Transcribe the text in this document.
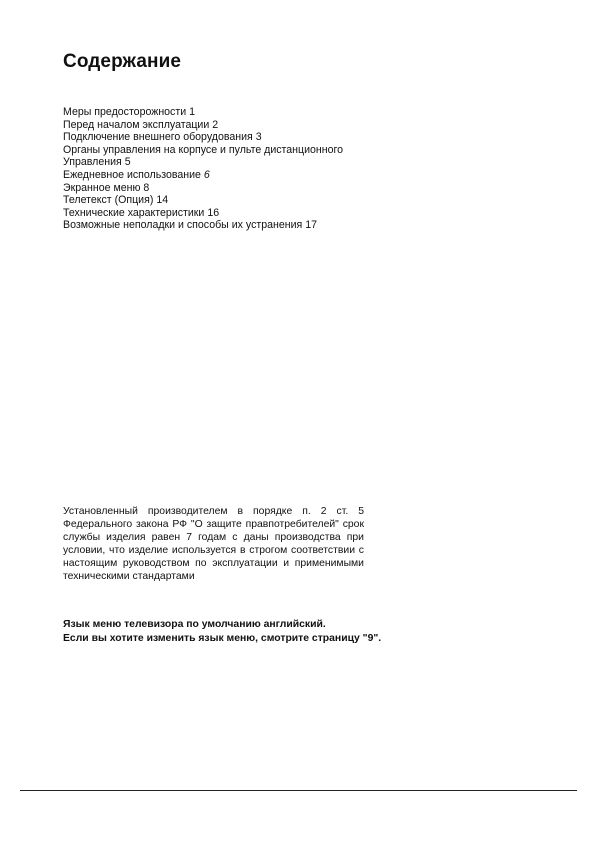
Содержание
Меры предосторожности 1
Перед началом эксплуатации 2
Подключение внешнего оборудования 3
Органы управления на корпусе и пульте дистанционного
Управления 5
Ежедневное использование 6
Экранное меню 8
Телетекст (Опция) 14
Технические характеристики 16
Возможные неполадки и способы их устранения 17

Установленный производителем в порядке п. 2 ст. 5 Федерального закона РФ "О защите правпотребителей" срок службы изделия равен 7 годам с даны производства при условии, что изделие используется в строгом соответствии с настоящим руководством по эксплуатации и применимыми техническими стандартами

Язык меню телевизора по умолчанию английский.
Если вы хотите изменить язык меню, смотрите страницу "9".
